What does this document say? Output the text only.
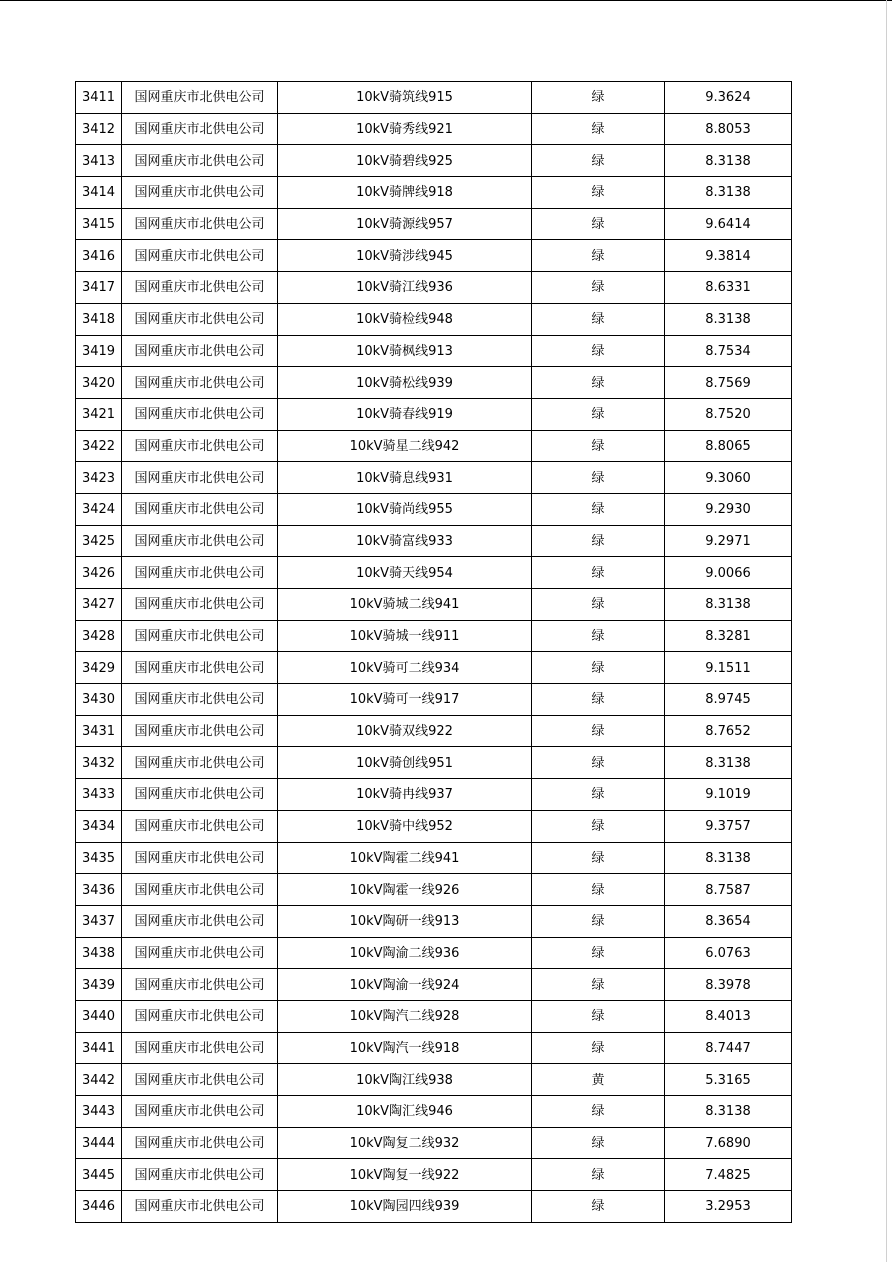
3411	国网重庆市北供电公司	10kV骑筑线915	绿	9.3624
3412	国网重庆市北供电公司	10kV骑秀线921	绿	8.8053
3413	国网重庆市北供电公司	10kV骑碧线925	绿	8.3138
3414	国网重庆市北供电公司	10kV骑牌线918	绿	8.3138
3415	国网重庆市北供电公司	10kV骑源线957	绿	9.6414
3416	国网重庆市北供电公司	10kV骑涉线945	绿	9.3814
3417	国网重庆市北供电公司	10kV骑江线936	绿	8.6331
3418	国网重庆市北供电公司	10kV骑检线948	绿	8.3138
3419	国网重庆市北供电公司	10kV骑枫线913	绿	8.7534
3420	国网重庆市北供电公司	10kV骑松线939	绿	8.7569
3421	国网重庆市北供电公司	10kV骑春线919	绿	8.7520
3422	国网重庆市北供电公司	10kV骑星二线942	绿	8.8065
3423	国网重庆市北供电公司	10kV骑息线931	绿	9.3060
3424	国网重庆市北供电公司	10kV骑尚线955	绿	9.2930
3425	国网重庆市北供电公司	10kV骑富线933	绿	9.2971
3426	国网重庆市北供电公司	10kV骑天线954	绿	9.0066
3427	国网重庆市北供电公司	10kV骑城二线941	绿	8.3138
3428	国网重庆市北供电公司	10kV骑城一线911	绿	8.3281
3429	国网重庆市北供电公司	10kV骑可二线934	绿	9.1511
3430	国网重庆市北供电公司	10kV骑可一线917	绿	8.9745
3431	国网重庆市北供电公司	10kV骑双线922	绿	8.7652
3432	国网重庆市北供电公司	10kV骑创线951	绿	8.3138
3433	国网重庆市北供电公司	10kV骑冉线937	绿	9.1019
3434	国网重庆市北供电公司	10kV骑中线952	绿	9.3757
3435	国网重庆市北供电公司	10kV陶霍二线941	绿	8.3138
3436	国网重庆市北供电公司	10kV陶霍一线926	绿	8.7587
3437	国网重庆市北供电公司	10kV陶研一线913	绿	8.3654
3438	国网重庆市北供电公司	10kV陶渝二线936	绿	6.0763
3439	国网重庆市北供电公司	10kV陶渝一线924	绿	8.3978
3440	国网重庆市北供电公司	10kV陶汽二线928	绿	8.4013
3441	国网重庆市北供电公司	10kV陶汽一线918	绿	8.7447
3442	国网重庆市北供电公司	10kV陶江线938	黄	5.3165
3443	国网重庆市北供电公司	10kV陶汇线946	绿	8.3138
3444	国网重庆市北供电公司	10kV陶复二线932	绿	7.6890
3445	国网重庆市北供电公司	10kV陶复一线922	绿	7.4825
3446	国网重庆市北供电公司	10kV陶园四线939	绿	3.2953
